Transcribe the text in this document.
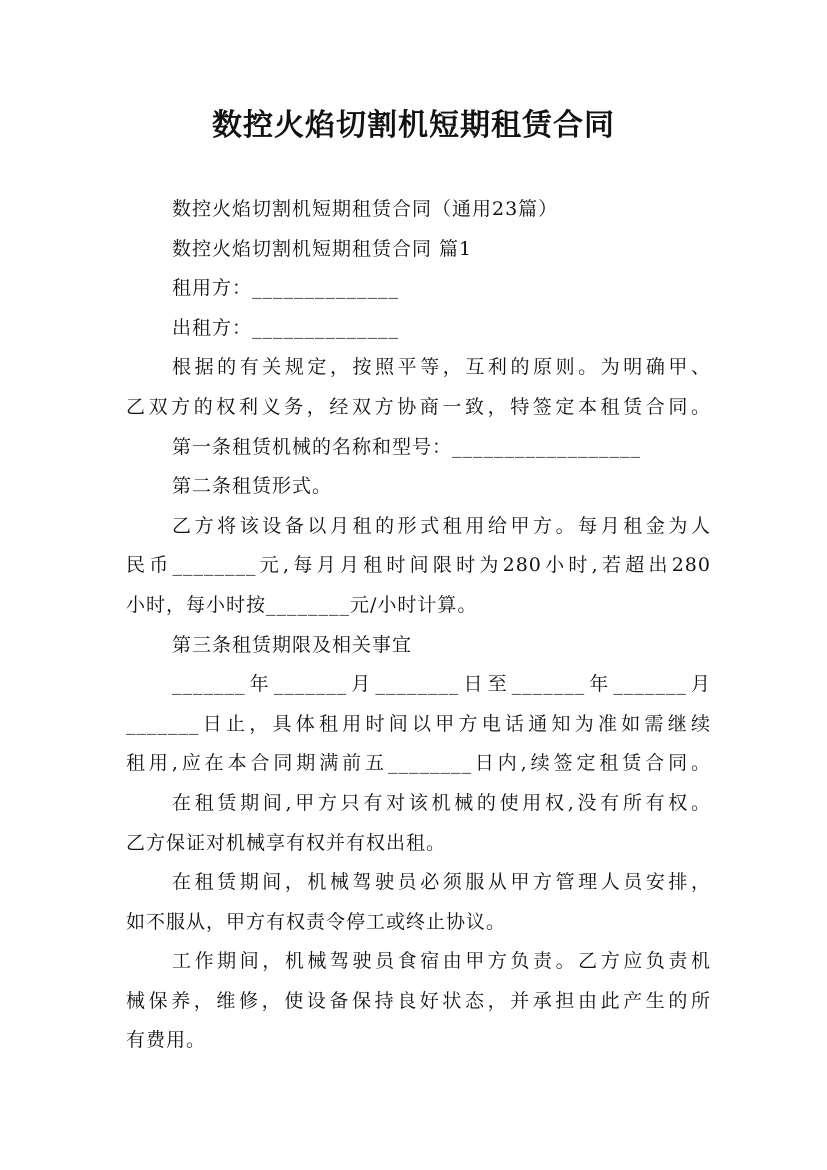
数控火焰切割机短期租赁合同
数控火焰切割机短期租赁合同（通用23篇）
数控火焰切割机短期租赁合同 篇1
租用方：______________
出租方：______________
根据的有关规定，按照平等，互利的原则。为明确甲、
乙双方的权利义务，经双方协商一致，特签定本租赁合同。
第一条租赁机械的名称和型号：__________________
第二条租赁形式。
乙方将该设备以月租的形式租用给甲方。每月租金为人
民币________元,每月月租时间限时为280小时,若超出280
小时，每小时按________元/小时计算。
第三条租赁期限及相关事宜
_______年_______月________日至_______年_______月
_______日止，具体租用时间以甲方电话通知为准如需继续
租用,应在本合同期满前五________日内,续签定租赁合同。
在租赁期间,甲方只有对该机械的使用权,没有所有权。
乙方保证对机械享有权并有权出租。
在租赁期间，机械驾驶员必须服从甲方管理人员安排，
如不服从，甲方有权责令停工或终止协议。
工作期间，机械驾驶员食宿由甲方负责。乙方应负责机
械保养，维修，使设备保持良好状态，并承担由此产生的所
有费用。
